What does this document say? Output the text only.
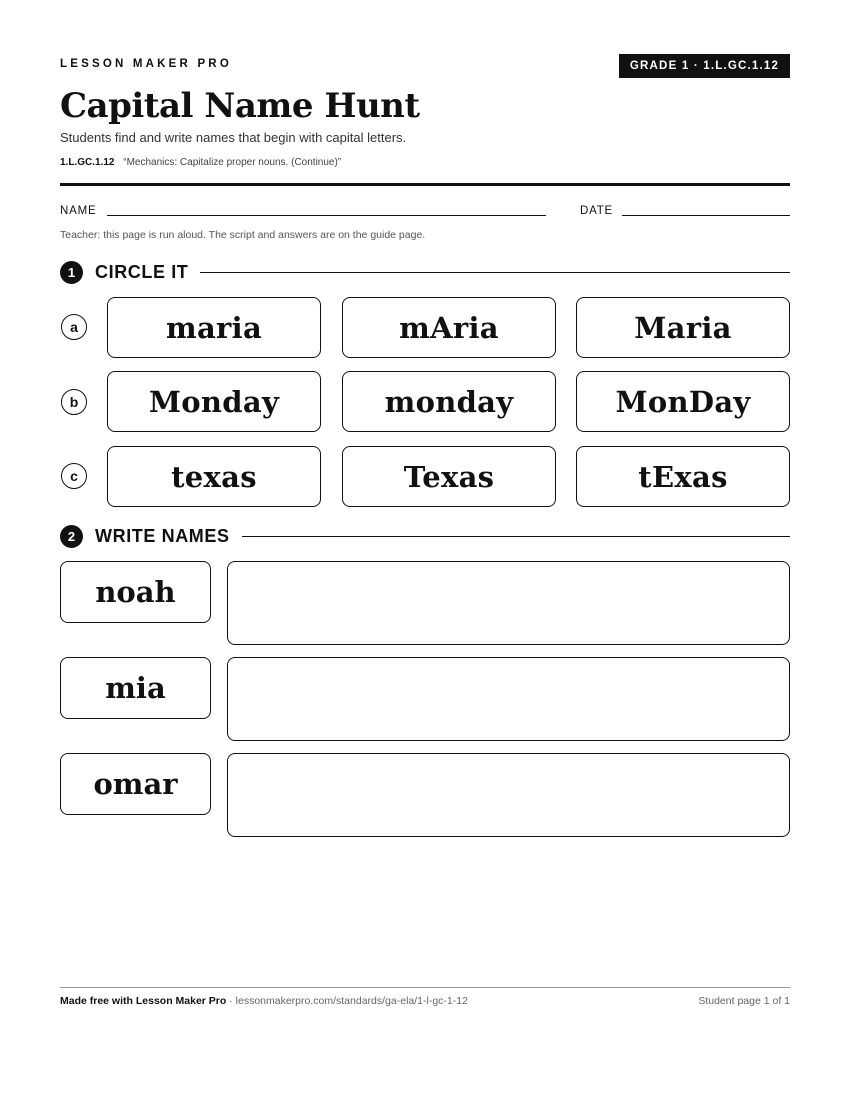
LESSON MAKER PRO	GRADE 1 · 1.L.GC.1.12
Capital Name Hunt
Students find and write names that begin with capital letters.
1.L.GC.1.12 “Mechanics: Capitalize proper nouns. (Continue)”
NAME	DATE
Teacher: this page is run aloud. The script and answers are on the guide page.
1	CIRCLE IT
a	maria	mAria	Maria
b	Monday	monday	MonDay
c	texas	Texas	tExas
2	WRITE NAMES
noah
mia
omar
Made free with Lesson Maker Pro · lessonmakerpro.com/standards/ga-ela/1-l-gc-1-12	Student page 1 of 1
